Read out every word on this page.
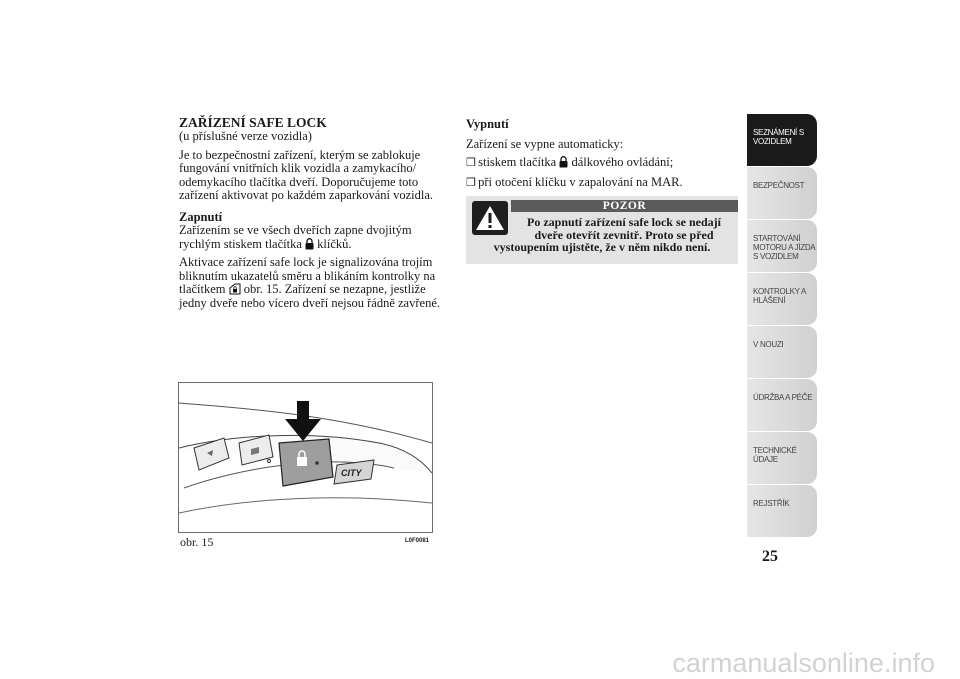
ZAŘÍZENÍ SAFE LOCK

(u příslušné verze vozidla)

Je to bezpečnostní zařízení, kterým se zablokuje fungování vnitřních klik vozidla a zamykacího/ odemykacího tlačítka dveří. Doporučujeme toto zařízení aktivovat po každém zaparkování vozidla.

Zapnutí

Zařízením se ve všech dveřích zapne dvojitým rychlým stiskem tlačítka klíčků.

Aktivace zařízení safe lock je signalizována trojím bliknutím ukazatelů směru a blikáním kontrolky na tlačítkem obr. 15. Zařízení se nezapne, jestliže jedny dveře nebo vícero dveří nejsou řádně zavřené.

Vypnutí

Zařízení se vypne automaticky:

❒ stiskem tlačítka dálkového ovládání;
❒ při otočení klíčku v zapalování na MAR.
POZOR
Po zapnutí zařízení safe lock se nedají
dveře otevřít zevnitř. Proto se před
vystoupením ujistěte, že v něm nikdo není.
CITY
obr. 15	L0F0081
SEZNÁMENÍ S
VOZIDLEM
BEZPEČNOST
STARTOVÁNÍ
MOTORU A JÍZDA
S VOZIDLEM
KONTROLKY A
HLÁŠENÍ
V NOUZI
ÚDRŽBA A PÉČE
TECHNICKÉ
ÚDAJE
REJSTŘÍK
25
carmanualsonline.info
